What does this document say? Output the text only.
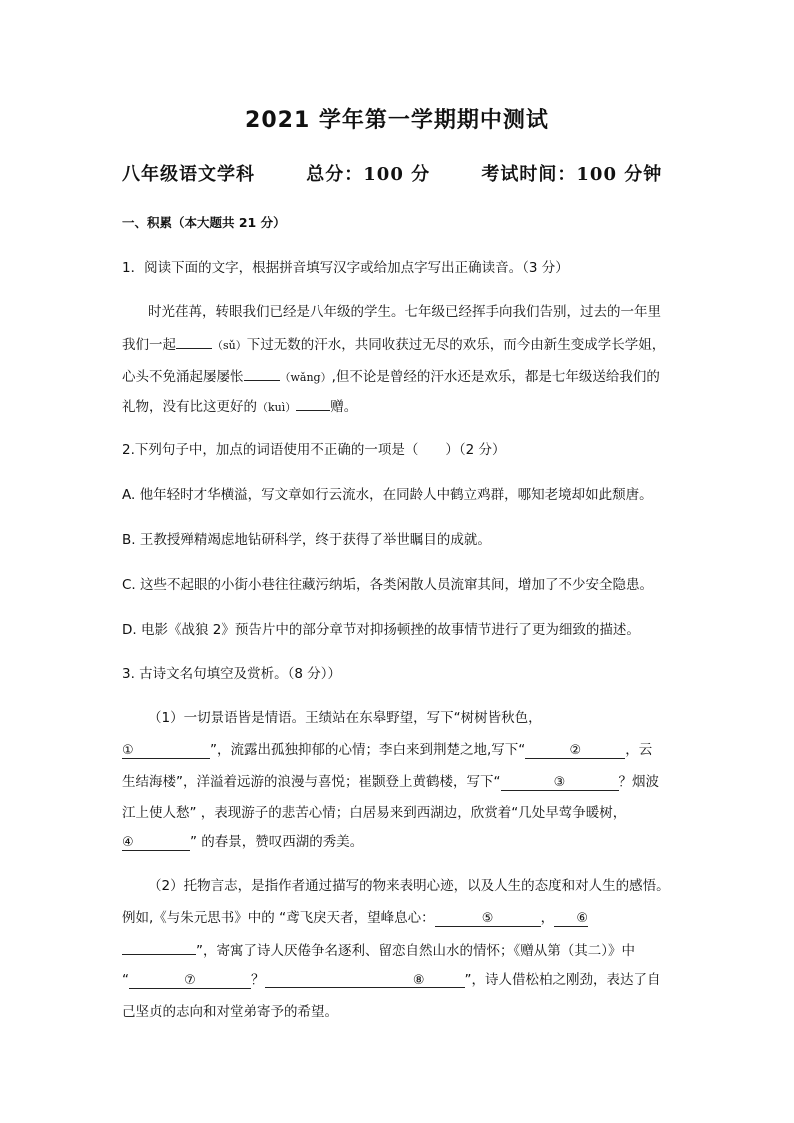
2021 学年第一学期期中测试
八年级语文学科	总分：100 分	考试时间：100 分钟
一、积累（本大题共 21 分）
1．阅读下面的文字，根据拼音填写汉字或给加点字写出正确读音。（3 分）
时光荏苒，转眼我们已经是八年级的学生。七年级已经挥手向我们告别，过去的一年里
我们一起	（sǔ）下过无数的汗水，共同收获过无尽的欢乐，而今由新生变成学长学姐，
心头不免涌起屡屡怅	（wǎng）,但不论是曾经的汗水还是欢乐，都是七年级送给我们的
礼物，没有比这更好的（kuì）	赠。
2.下列句子中，加点的词语使用不正确的一项是（　　）（2 分）
A. 他年轻时才华横溢，写文章如行云流水，在同龄人中鹤立鸡群，哪知老境却如此颓唐。
B. 王教授殚精竭虑地钻研科学，终于获得了举世瞩目的成就。
C. 这些不起眼的小街小巷往往藏污纳垢，各类闲散人员流窜其间，增加了不少安全隐患。
D. 电影《战狼 2》预告片中的部分章节对抑扬顿挫的故事情节进行了更为细致的描述。
3. 古诗文名句填空及赏析。（8 分））
（1）一切景语皆是情语。王绩站在东皋野望，写下“树树皆秋色，
①	”，流露出孤独抑郁的心情；李白来到荆楚之地,写下“	②	，云
生结海楼”，洋溢着远游的浪漫与喜悦；崔颢登上黄鹤楼，写下“	③	？烟波
江上使人愁” ，表现游子的悲苦心情；白居易来到西湖边，欣赏着“几处早莺争暖树，
④	” 的春景，赞叹西湖的秀美。
（2）托物言志，是指作者通过描写的物来表明心迹，以及人生的态度和对人生的感悟。
例如,《与朱元思书》中的 “鸢飞戾天者，望峰息心：	⑤	， ⑥
”，寄寓了诗人厌倦争名逐利、留恋自然山水的情怀；《赠从第（其二）》中
“	⑦	？	⑧	”，诗人借松柏之刚劲，表达了自
己坚贞的志向和对堂弟寄予的希望。
